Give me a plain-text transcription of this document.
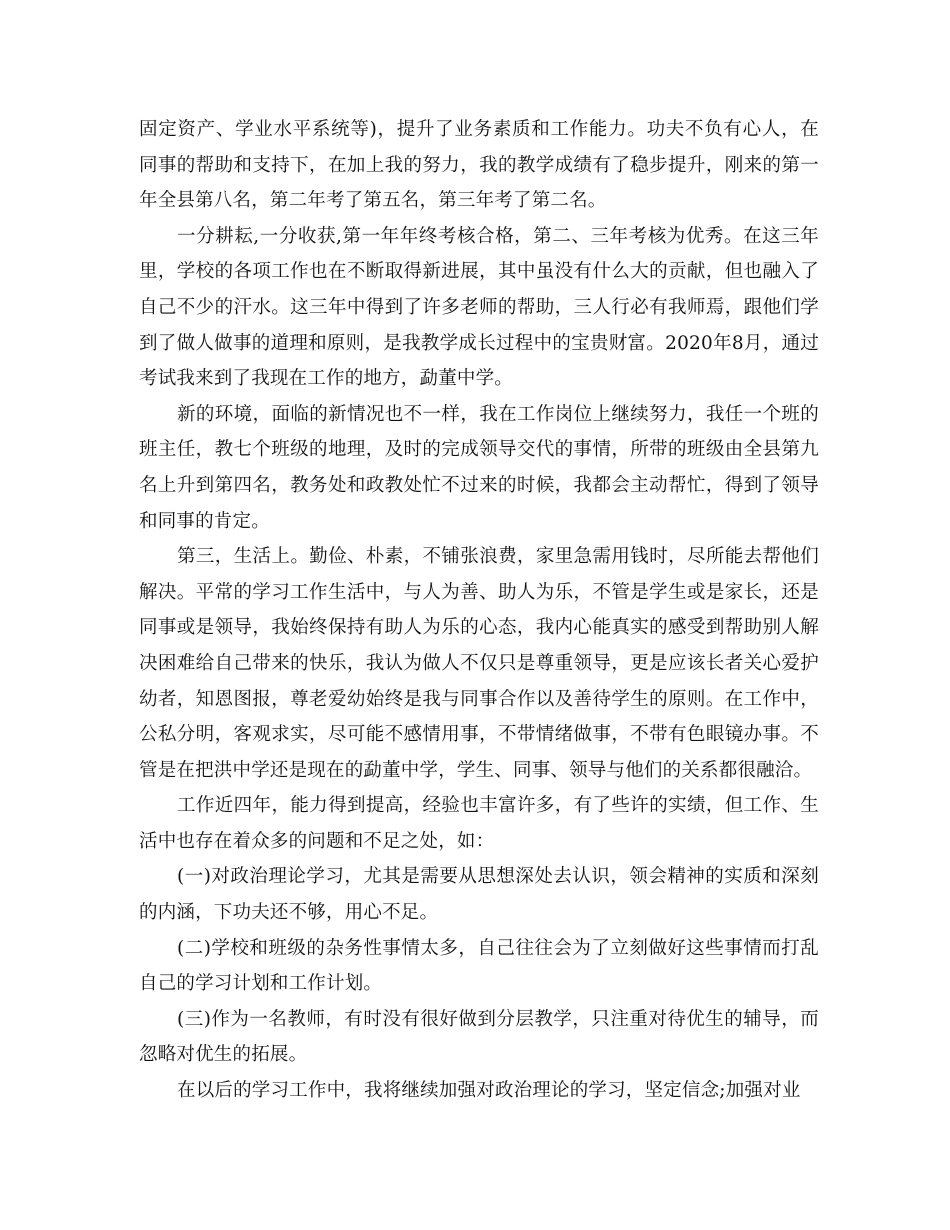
固定资产、学业水平系统等)，提升了业务素质和工作能力。功夫不负有心人，在同事的帮助和支持下，在加上我的努力，我的教学成绩有了稳步提升，刚来的第一年全县第八名，第二年考了第五名，第三年考了第二名。

一分耕耘,一分收获,第一年年终考核合格，第二、三年考核为优秀。在这三年里，学校的各项工作也在不断取得新进展，其中虽没有什么大的贡献，但也融入了自己不少的汗水。这三年中得到了许多老师的帮助，三人行必有我师焉，跟他们学到了做人做事的道理和原则，是我教学成长过程中的宝贵财富。2020年8月，通过考试我来到了我现在工作的地方，勐董中学。

新的环境，面临的新情况也不一样，我在工作岗位上继续努力，我任一个班的班主任，教七个班级的地理，及时的完成领导交代的事情，所带的班级由全县第九名上升到第四名，教务处和政教处忙不过来的时候，我都会主动帮忙，得到了领导和同事的肯定。

第三，生活上。勤俭、朴素，不铺张浪费，家里急需用钱时，尽所能去帮他们解决。平常的学习工作生活中，与人为善、助人为乐，不管是学生或是家长，还是同事或是领导，我始终保持有助人为乐的心态，我内心能真实的感受到帮助别人解决困难给自己带来的快乐，我认为做人不仅只是尊重领导，更是应该长者关心爱护幼者，知恩图报，尊老爱幼始终是我与同事合作以及善待学生的原则。在工作中，公私分明，客观求实，尽可能不感情用事，不带情绪做事，不带有色眼镜办事。不管是在把洪中学还是现在的勐董中学，学生、同事、领导与他们的关系都很融洽。

工作近四年，能力得到提高，经验也丰富许多，有了些许的实绩，但工作、生活中也存在着众多的问题和不足之处，如：

(一)对政治理论学习，尤其是需要从思想深处去认识，领会精神的实质和深刻的内涵，下功夫还不够，用心不足。

(二)学校和班级的杂务性事情太多，自己往往会为了立刻做好这些事情而打乱自己的学习计划和工作计划。

(三)作为一名教师，有时没有很好做到分层教学，只注重对待优生的辅导，而忽略对优生的拓展。

在以后的学习工作中，我将继续加强对政治理论的学习，坚定信念;加强对业
